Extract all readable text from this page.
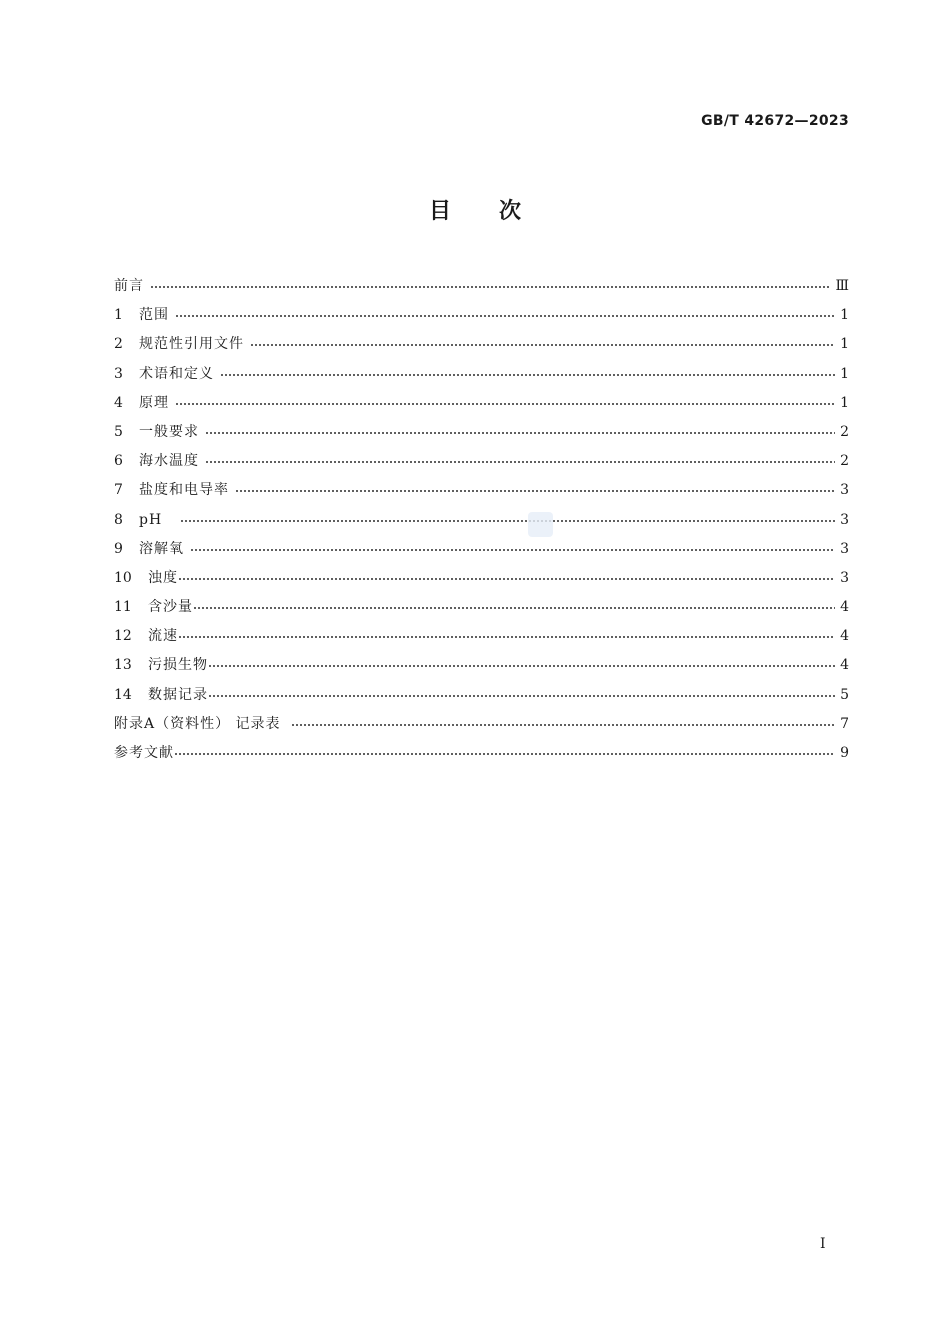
GB/T 42672—2023
目次
前言	Ⅲ
1	范围	1
2	规范性引用文件	1
3	术语和定义	1
4	原理	1
5	一般要求	2
6	海水温度	2
7	盐度和电导率	3
8	pH	3
9	溶解氧	3
10	浊度	3
11	含沙量	4
12	流速	4
13	污损生物	4
14	数据记录	5
附录A（资料性） 记录表	7
参考文献	9
Ⅰ
